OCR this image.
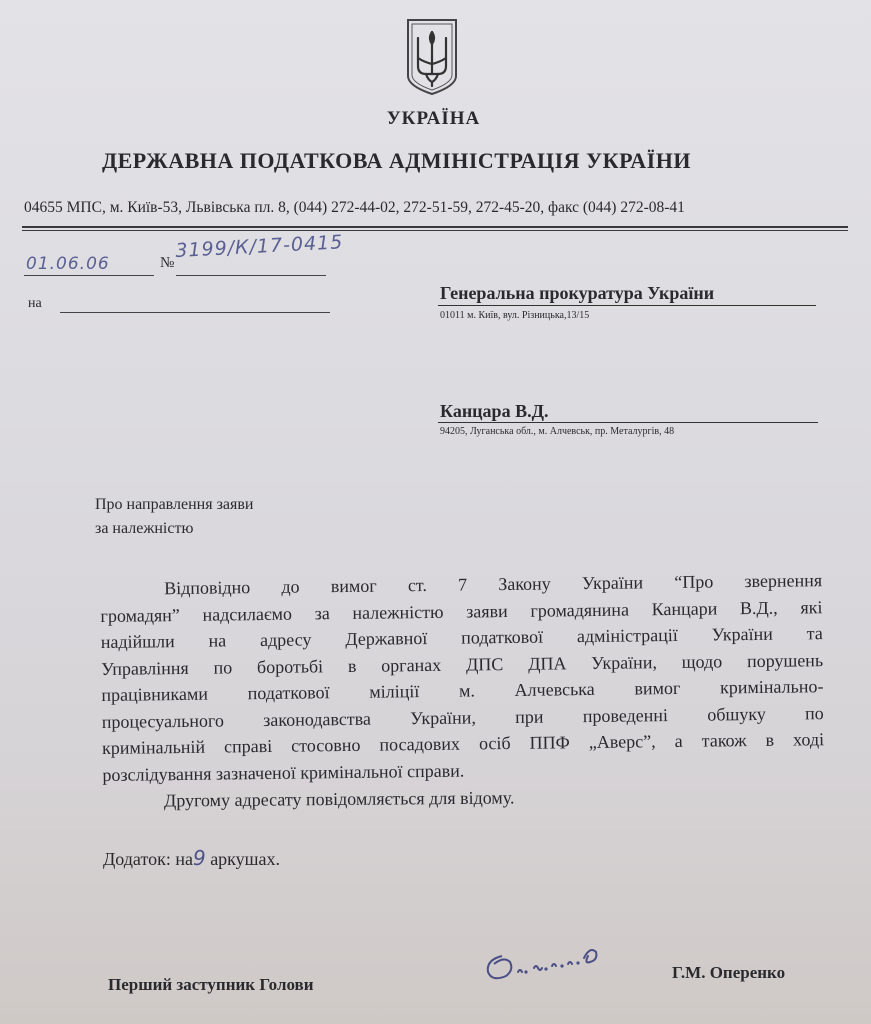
УКРАЇНА
ДЕРЖАВНА ПОДАТКОВА АДМІНІСТРАЦІЯ УКРАЇНИ
04655 МПС, м. Київ-53, Львівська пл. 8, (044) 272-44-02, 272-51-59, 272-45-20, факс (044) 272-08-41
01.06.06	№
3199/К/17-0415
на
Генеральна прокуратура України
01011 м. Київ, вул. Різницька,13/15
Канцара В.Д.
94205, Луганська обл., м. Алчевськ, пр. Металургів, 48
Про направлення заяви
за належністю
Відповідно до вимог ст. 7 Закону України “Про звернення
громадян” надсилаємо за належністю заяви громадянина Канцари В.Д., які
надійшли на адресу Державної податкової адміністрації України та
Управління по боротьбі в органах ДПС ДПА України, щодо порушень
працівниками податкової міліції м. Алчевська вимог кримінально-
процесуального законодавства України, при проведенні обшуку по
кримінальній справі стосовно посадових осіб ППФ „Аверс”, а також в ході
розслідування зазначеної кримінальної справи.
Другому адресату повідомляється для відому.
Додаток: на9 аркушах.
Перший заступник Голови
Г.М. Оперенко
